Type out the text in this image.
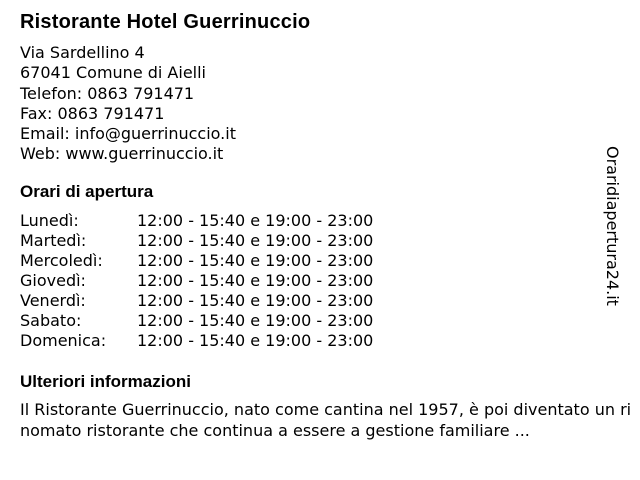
Ristorante Hotel Guerrinuccio
Via Sardellino 4
67041 Comune di Aielli
Telefon: 0863 791471
Fax: 0863 791471
Email: info@guerrinuccio.it
Web: www.guerrinuccio.it
Orari di apertura
Lunedì:	12:00 - 15:40 e 19:00 - 23:00
Martedì:	12:00 - 15:40 e 19:00 - 23:00
Mercoledì:	12:00 - 15:40 e 19:00 - 23:00
Giovedì:	12:00 - 15:40 e 19:00 - 23:00
Venerdì:	12:00 - 15:40 e 19:00 - 23:00
Sabato:	12:00 - 15:40 e 19:00 - 23:00
Domenica:	12:00 - 15:40 e 19:00 - 23:00
Ulteriori informazioni
Il Ristorante Guerrinuccio, nato come cantina nel 1957, è poi diventato un rinomato ristorante che continua a essere a gestione familiare ...
Oraridiapertura24.it
